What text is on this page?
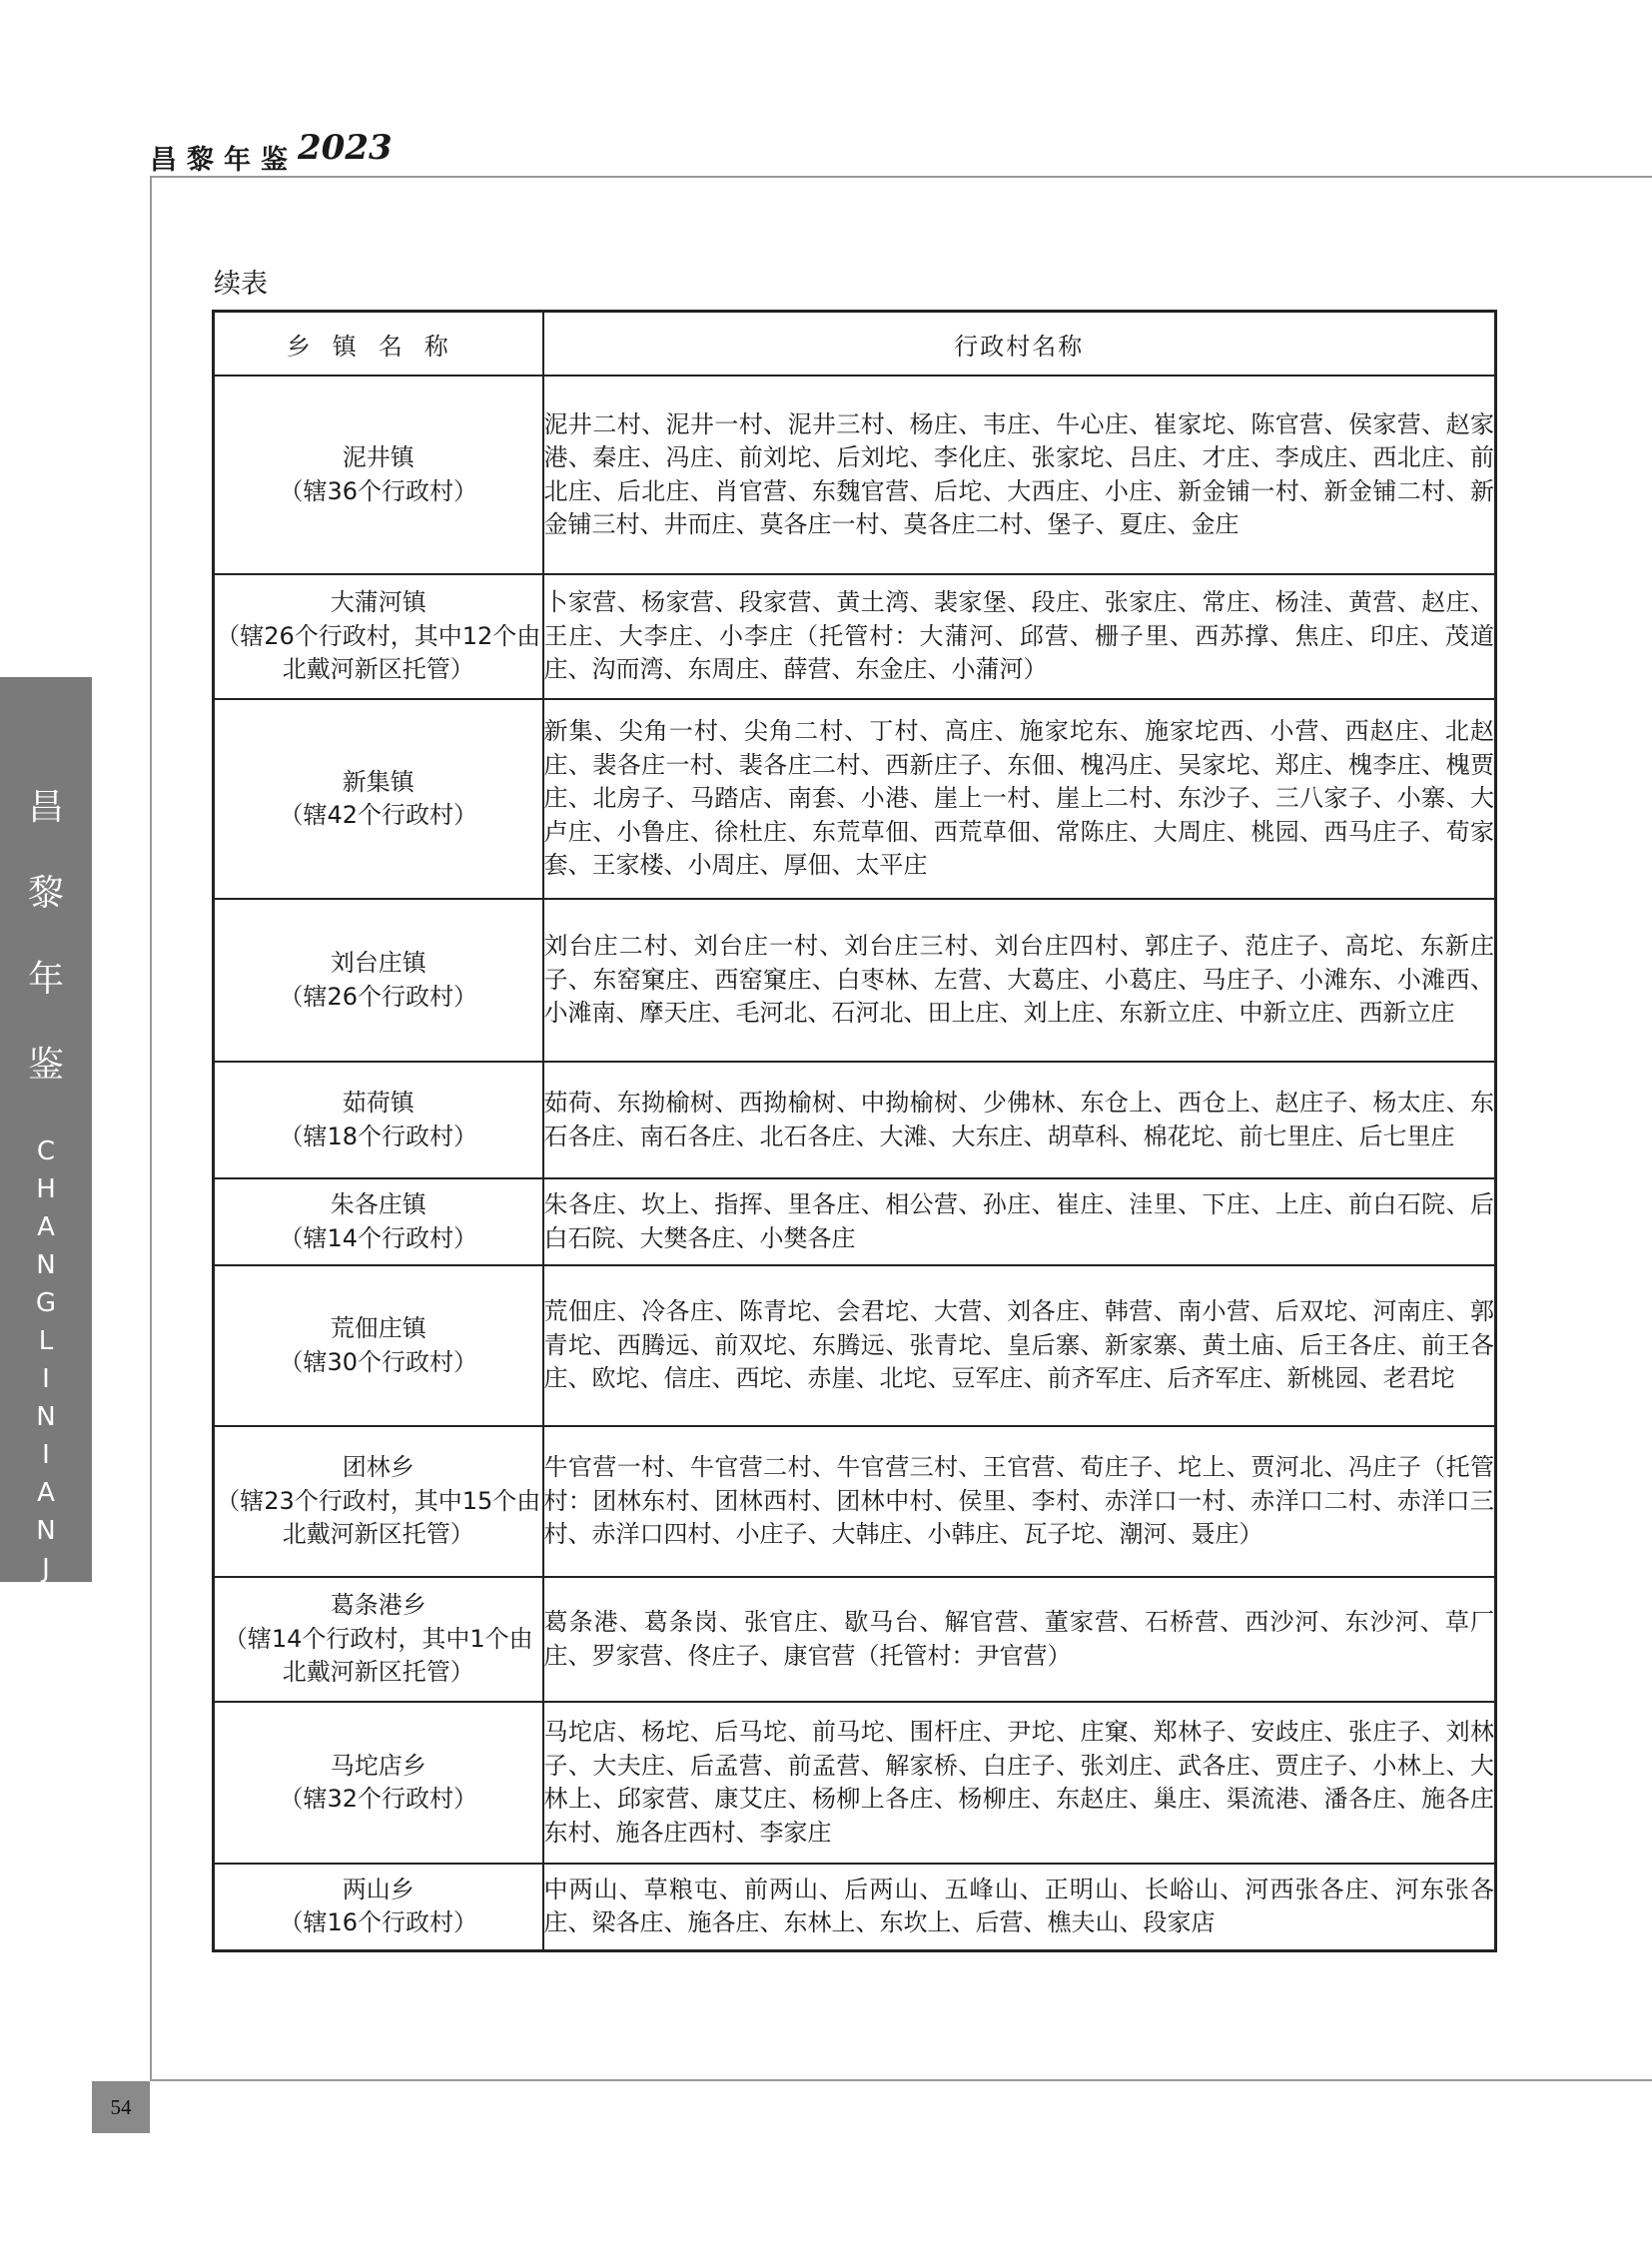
昌黎年鉴 2023

昌
黎
年
鉴
C
H
A
N
G
L
I
N
I
A
N
J
I
A
N

续表

乡镇名称	行政村名称

泥井镇
（辖36个行政村）	泥井二村、泥井一村、泥井三村、杨庄、韦庄、牛心庄、崔家坨、陈官营、侯家营、赵家港、秦庄、冯庄、前刘坨、后刘坨、李化庄、张家坨、吕庄、才庄、李成庄、西北庄、前北庄、后北庄、肖官营、东魏官营、后坨、大西庄、小庄、新金铺一村、新金铺二村、新金铺三村、井而庄、莫各庄一村、莫各庄二村、堡子、夏庄、金庄

大蒲河镇
（辖26个行政村，其中12个由北戴河新区托管）	卜家营、杨家营、段家营、黄土湾、裴家堡、段庄、张家庄、常庄、杨洼、黄营、赵庄、王庄、大李庄、小李庄（托管村：大蒲河、邱营、栅子里、西苏撑、焦庄、印庄、茂道庄、沟而湾、东周庄、薛营、东金庄、小蒲河）

新集镇
（辖42个行政村）	新集、尖角一村、尖角二村、丁村、高庄、施家坨东、施家坨西、小营、西赵庄、北赵庄、裴各庄一村、裴各庄二村、西新庄子、东佃、槐冯庄、吴家坨、郑庄、槐李庄、槐贾庄、北房子、马踏店、南套、小港、崖上一村、崖上二村、东沙子、三八家子、小寨、大卢庄、小鲁庄、徐杜庄、东荒草佃、西荒草佃、常陈庄、大周庄、桃园、西马庄子、荀家套、王家楼、小周庄、厚佃、太平庄

刘台庄镇
（辖26个行政村）	刘台庄二村、刘台庄一村、刘台庄三村、刘台庄四村、郭庄子、范庄子、高坨、东新庄子、东窑窠庄、西窑窠庄、白枣林、左营、大葛庄、小葛庄、马庄子、小滩东、小滩西、小滩南、摩天庄、毛河北、石河北、田上庄、刘上庄、东新立庄、中新立庄、西新立庄

茹荷镇
（辖18个行政村）	茹荷、东拗榆树、西拗榆树、中拗榆树、少佛林、东仓上、西仓上、赵庄子、杨太庄、东石各庄、南石各庄、北石各庄、大滩、大东庄、胡草科、棉花坨、前七里庄、后七里庄

朱各庄镇
（辖14个行政村）	朱各庄、坎上、指挥、里各庄、相公营、孙庄、崔庄、洼里、下庄、上庄、前白石院、后白石院、大樊各庄、小樊各庄

荒佃庄镇
（辖30个行政村）	荒佃庄、冷各庄、陈青坨、会君坨、大营、刘各庄、韩营、南小营、后双坨、河南庄、郭青坨、西腾远、前双坨、东腾远、张青坨、皇后寨、新家寨、黄土庙、后王各庄、前王各庄、欧坨、信庄、西坨、赤崖、北坨、豆军庄、前齐军庄、后齐军庄、新桃园、老君坨

团林乡
（辖23个行政村，其中15个由北戴河新区托管）	牛官营一村、牛官营二村、牛官营三村、王官营、荀庄子、坨上、贾河北、冯庄子（托管村：团林东村、团林西村、团林中村、侯里、李村、赤洋口一村、赤洋口二村、赤洋口三村、赤洋口四村、小庄子、大韩庄、小韩庄、瓦子坨、潮河、聂庄）

葛条港乡
（辖14个行政村，其中1个由北戴河新区托管）	葛条港、葛条岗、张官庄、歇马台、解官营、董家营、石桥营、西沙河、东沙河、草厂庄、罗家营、佟庄子、康官营（托管村：尹官营）

马坨店乡
（辖32个行政村）	马坨店、杨坨、后马坨、前马坨、围杆庄、尹坨、庄窠、郑林子、安歧庄、张庄子、刘林子、大夫庄、后孟营、前孟营、解家桥、白庄子、张刘庄、武各庄、贾庄子、小林上、大林上、邱家营、康艾庄、杨柳上各庄、杨柳庄、东赵庄、巢庄、渠流港、潘各庄、施各庄东村、施各庄西村、李家庄

两山乡
（辖16个行政村）	中两山、草粮屯、前两山、后两山、五峰山、正明山、长峪山、河西张各庄、河东张各庄、梁各庄、施各庄、东林上、东坎上、后营、樵夫山、段家店
54
